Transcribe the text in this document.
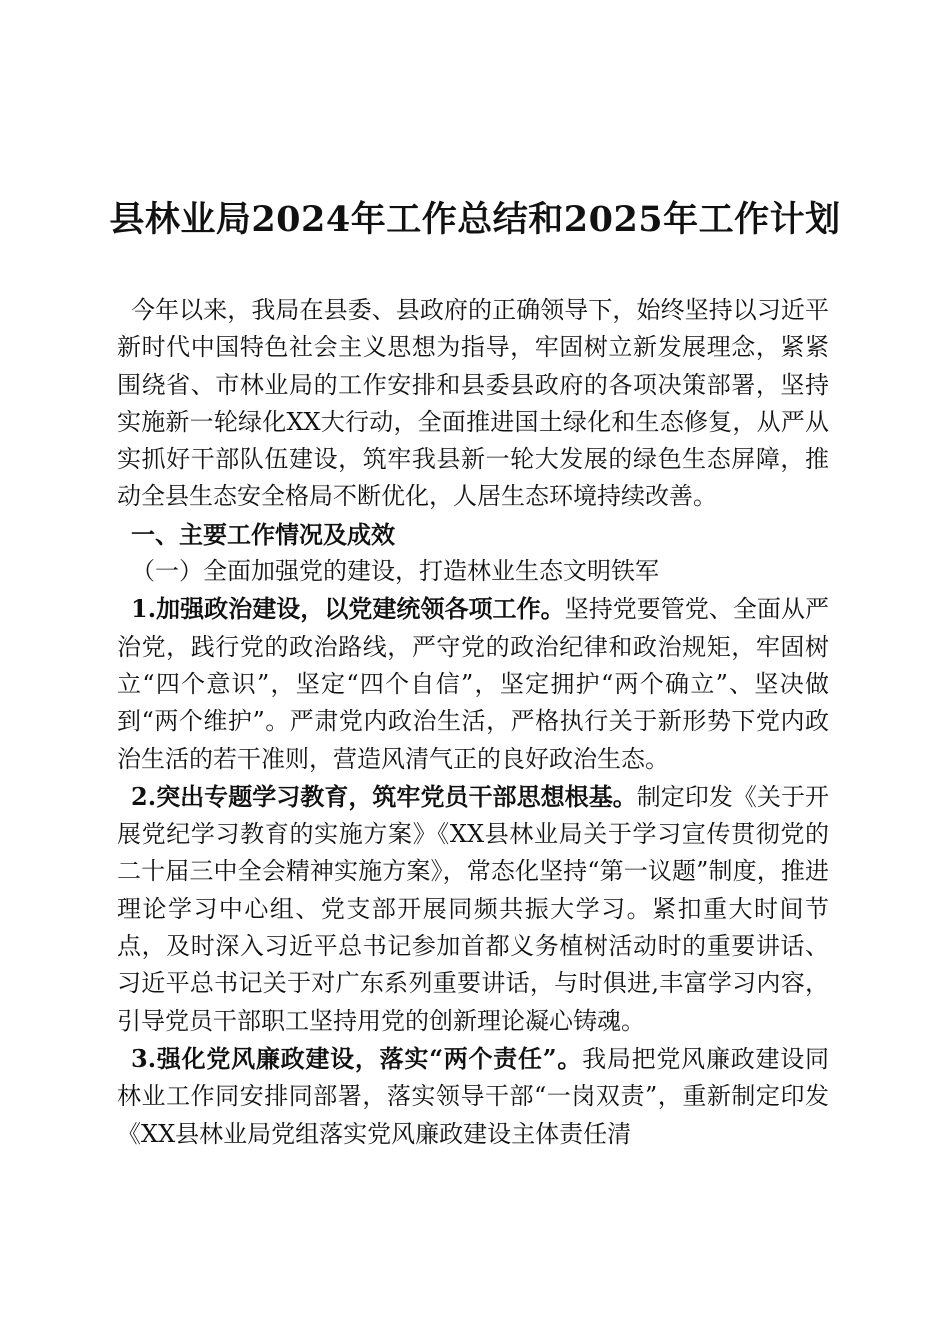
县林业局2024年工作总结和2025年工作计划

今年以来，我局在县委、县政府的正确领导下，始终坚持以习近平新时代中国特色社会主义思想为指导，牢固树立新发展理念，紧紧围绕省、市林业局的工作安排和县委县政府的各项决策部署，坚持实施新一轮绿化XX大行动，全面推进国土绿化和生态修复，从严从实抓好干部队伍建设，筑牢我县新一轮大发展的绿色生态屏障，推动全县生态安全格局不断优化，人居生态环境持续改善。

一、主要工作情况及成效

（一）全面加强党的建设，打造林业生态文明铁军

1.加强政治建设，以党建统领各项工作。坚持党要管党、全面从严治党，践行党的政治路线，严守党的政治纪律和政治规矩，牢固树立“四个意识”，坚定“四个自信”，坚定拥护“两个确立”、坚决做到“两个维护”。严肃党内政治生活，严格执行关于新形势下党内政治生活的若干准则，营造风清气正的良好政治生态。

2.突出专题学习教育，筑牢党员干部思想根基。制定印发《关于开展党纪学习教育的实施方案》《XX县林业局关于学习宣传贯彻党的二十届三中全会精神实施方案》，常态化坚持“第一议题”制度，推进理论学习中心组、党支部开展同频共振大学习。紧扣重大时间节点，及时深入习近平总书记参加首都义务植树活动时的重要讲话、习近平总书记关于对广东系列重要讲话，与时俱进,丰富学习内容，引导党员干部职工坚持用党的创新理论凝心铸魂。

3.强化党风廉政建设，落实“两个责任”。我局把党风廉政建设同林业工作同安排同部署，落实领导干部“一岗双责”，重新制定印发《XX县林业局党组落实党风廉政建设主体责任清
